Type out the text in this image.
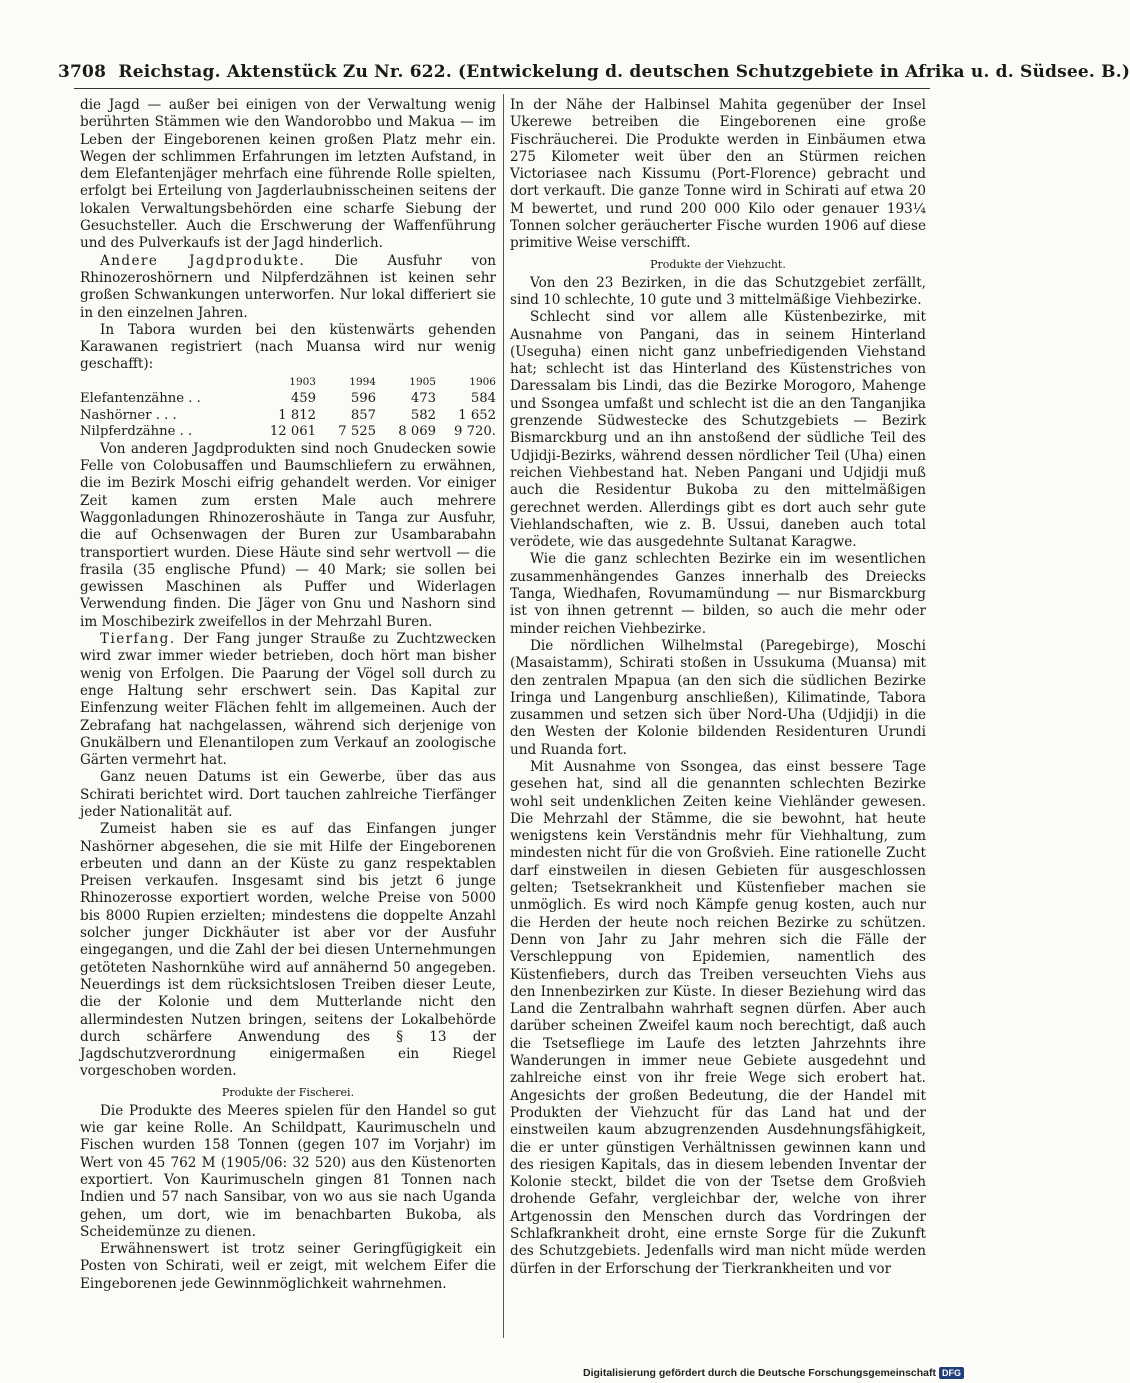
3708 Reichstag. Aktenstück Zu Nr. 622. (Entwickelung d. deutschen Schutzgebiete in Afrika u. d. Südsee. B.)

die Jagd — außer bei einigen von der Verwaltung wenig berührten Stämmen wie den Wandorobbo und Makua — im Leben der Eingeborenen keinen großen Platz mehr ein. Wegen der schlimmen Erfahrungen im letzten Aufstand, in dem Elefantenjäger mehrfach eine führende Rolle spielten, erfolgt bei Erteilung von Jagderlaubnisscheinen seitens der lokalen Verwaltungsbehörden eine scharfe Siebung der Gesuchsteller. Auch die Erschwerung der Waffenführung und des Pulverkaufs ist der Jagd hinderlich.

Andere Jagdprodukte. Die Ausfuhr von Rhinozeroshörnern und Nilpferdzähnen ist keinen sehr großen Schwankungen unterworfen. Nur lokal differiert sie in den einzelnen Jahren.

In Tabora wurden bei den küstenwärts gehenden Karawanen registriert (nach Muansa wird nur wenig geschafft):

	1903	1994	1905	1906
Elefantenzähne . .	459	596	473	584
Nashörner . . .	1 812	857	582	1 652
Nilpferdzähne . .	12 061	7 525	8 069	9 720.

Von anderen Jagdprodukten sind noch Gnudecken sowie Felle von Colobusaffen und Baumschliefern zu erwähnen, die im Bezirk Moschi eifrig gehandelt werden. Vor einiger Zeit kamen zum ersten Male auch mehrere Waggonladungen Rhinozeroshäute in Tanga zur Ausfuhr, die auf Ochsenwagen der Buren zur Usambarabahn transportiert wurden. Diese Häute sind sehr wertvoll — die frasila (35 englische Pfund) — 40 Mark; sie sollen bei gewissen Maschinen als Puffer und Widerlagen Verwendung finden. Die Jäger von Gnu und Nashorn sind im Moschibezirk zweifellos in der Mehrzahl Buren.

Tierfang. Der Fang junger Strauße zu Zuchtzwecken wird zwar immer wieder betrieben, doch hört man bisher wenig von Erfolgen. Die Paarung der Vögel soll durch zu enge Haltung sehr erschwert sein. Das Kapital zur Einfenzung weiter Flächen fehlt im allgemeinen. Auch der Zebrafang hat nachgelassen, während sich derjenige von Gnukälbern und Elenantilopen zum Verkauf an zoologische Gärten vermehrt hat.

Ganz neuen Datums ist ein Gewerbe, über das aus Schirati berichtet wird. Dort tauchen zahlreiche Tierfänger jeder Nationalität auf.

Zumeist haben sie es auf das Einfangen junger Nashörner abgesehen, die sie mit Hilfe der Eingeborenen erbeuten und dann an der Küste zu ganz respektablen Preisen verkaufen. Insgesamt sind bis jetzt 6 junge Rhinozerosse exportiert worden, welche Preise von 5000 bis 8000 Rupien erzielten; mindestens die doppelte Anzahl solcher junger Dickhäuter ist aber vor der Ausfuhr eingegangen, und die Zahl der bei diesen Unternehmungen getöteten Nashornkühe wird auf annähernd 50 angegeben. Neuerdings ist dem rücksichtslosen Treiben dieser Leute, die der Kolonie und dem Mutterlande nicht den allermindesten Nutzen bringen, seitens der Lokalbehörde durch schärfere Anwendung des § 13 der Jagdschutzverordnung einigermaßen ein Riegel vorgeschoben worden.

Produkte der Fischerei.

Die Produkte des Meeres spielen für den Handel so gut wie gar keine Rolle. An Schildpatt, Kaurimuscheln und Fischen wurden 158 Tonnen (gegen 107 im Vorjahr) im Wert von 45 762 M (1905/06: 32 520) aus den Küstenorten exportiert. Von Kaurimuscheln gingen 81 Tonnen nach Indien und 57 nach Sansibar, von wo aus sie nach Uganda gehen, um dort, wie im benachbarten Bukoba, als Scheidemünze zu dienen.

Erwähnenswert ist trotz seiner Geringfügigkeit ein Posten von Schirati, weil er zeigt, mit welchem Eifer die Eingeborenen jede Gewinnmöglichkeit wahrnehmen.

In der Nähe der Halbinsel Mahita gegenüber der Insel Ukerewe betreiben die Eingeborenen eine große Fischräucherei. Die Produkte werden in Einbäumen etwa 275 Kilometer weit über den an Stürmen reichen Victoriasee nach Kissumu (Port-Florence) gebracht und dort verkauft. Die ganze Tonne wird in Schirati auf etwa 20 M bewertet, und rund 200 000 Kilo oder genauer 193¼ Tonnen solcher geräucherter Fische wurden 1906 auf diese primitive Weise verschifft.

Produkte der Viehzucht.

Von den 23 Bezirken, in die das Schutzgebiet zerfällt, sind 10 schlechte, 10 gute und 3 mittelmäßige Viehbezirke.

Schlecht sind vor allem alle Küstenbezirke, mit Ausnahme von Pangani, das in seinem Hinterland (Useguha) einen nicht ganz unbefriedigenden Viehstand hat; schlecht ist das Hinterland des Küstenstriches von Daressalam bis Lindi, das die Bezirke Morogoro, Mahenge und Ssongea umfaßt und schlecht ist die an den Tanganjika grenzende Südwestecke des Schutzgebiets — Bezirk Bismarckburg und an ihn anstoßend der südliche Teil des Udjidji-Bezirks, während dessen nördlicher Teil (Uha) einen reichen Viehbestand hat. Neben Pangani und Udjidji muß auch die Residentur Bukoba zu den mittelmäßigen gerechnet werden. Allerdings gibt es dort auch sehr gute Viehlandschaften, wie z. B. Ussui, daneben auch total verödete, wie das ausgedehnte Sultanat Karagwe.

Wie die ganz schlechten Bezirke ein im wesentlichen zusammenhängendes Ganzes innerhalb des Dreiecks Tanga, Wiedhafen, Rovumamündung — nur Bismarckburg ist von ihnen getrennt — bilden, so auch die mehr oder minder reichen Viehbezirke.

Die nördlichen Wilhelmstal (Paregebirge), Moschi (Masaistamm), Schirati stoßen in Ussukuma (Muansa) mit den zentralen Mpapua (an den sich die südlichen Bezirke Iringa und Langenburg anschließen), Kilimatinde, Tabora zusammen und setzen sich über Nord-Uha (Udjidji) in die den Westen der Kolonie bildenden Residenturen Urundi und Ruanda fort.

Mit Ausnahme von Ssongea, das einst bessere Tage gesehen hat, sind all die genannten schlechten Bezirke wohl seit undenklichen Zeiten keine Viehländer gewesen. Die Mehrzahl der Stämme, die sie bewohnt, hat heute wenigstens kein Verständnis mehr für Viehhaltung, zum mindesten nicht für die von Großvieh. Eine rationelle Zucht darf einstweilen in diesen Gebieten für ausgeschlossen gelten; Tsetsekrankheit und Küstenfieber machen sie unmöglich. Es wird noch Kämpfe genug kosten, auch nur die Herden der heute noch reichen Bezirke zu schützen. Denn von Jahr zu Jahr mehren sich die Fälle der Verschleppung von Epidemien, namentlich des Küstenfiebers, durch das Treiben verseuchten Viehs aus den Innenbezirken zur Küste. In dieser Beziehung wird das Land die Zentralbahn wahrhaft segnen dürfen. Aber auch darüber scheinen Zweifel kaum noch berechtigt, daß auch die Tsetsefliege im Laufe des letzten Jahrzehnts ihre Wanderungen in immer neue Gebiete ausgedehnt und zahlreiche einst von ihr freie Wege sich erobert hat. Angesichts der großen Bedeutung, die der Handel mit Produkten der Viehzucht für das Land hat und der einstweilen kaum abzugrenzenden Ausdehnungsfähigkeit, die er unter günstigen Verhältnissen gewinnen kann und des riesigen Kapitals, das in diesem lebenden Inventar der Kolonie steckt, bildet die von der Tsetse dem Großvieh drohende Gefahr, vergleichbar der, welche von ihrer Artgenossin den Menschen durch das Vordringen der Schlafkrankheit droht, eine ernste Sorge für die Zukunft des Schutzgebiets. Jedenfalls wird man nicht müde werden dürfen in der Erforschung der Tierkrankheiten und vor

Digitalisierung gefördert durch die Deutsche Forschungsgemeinschaft DFG
